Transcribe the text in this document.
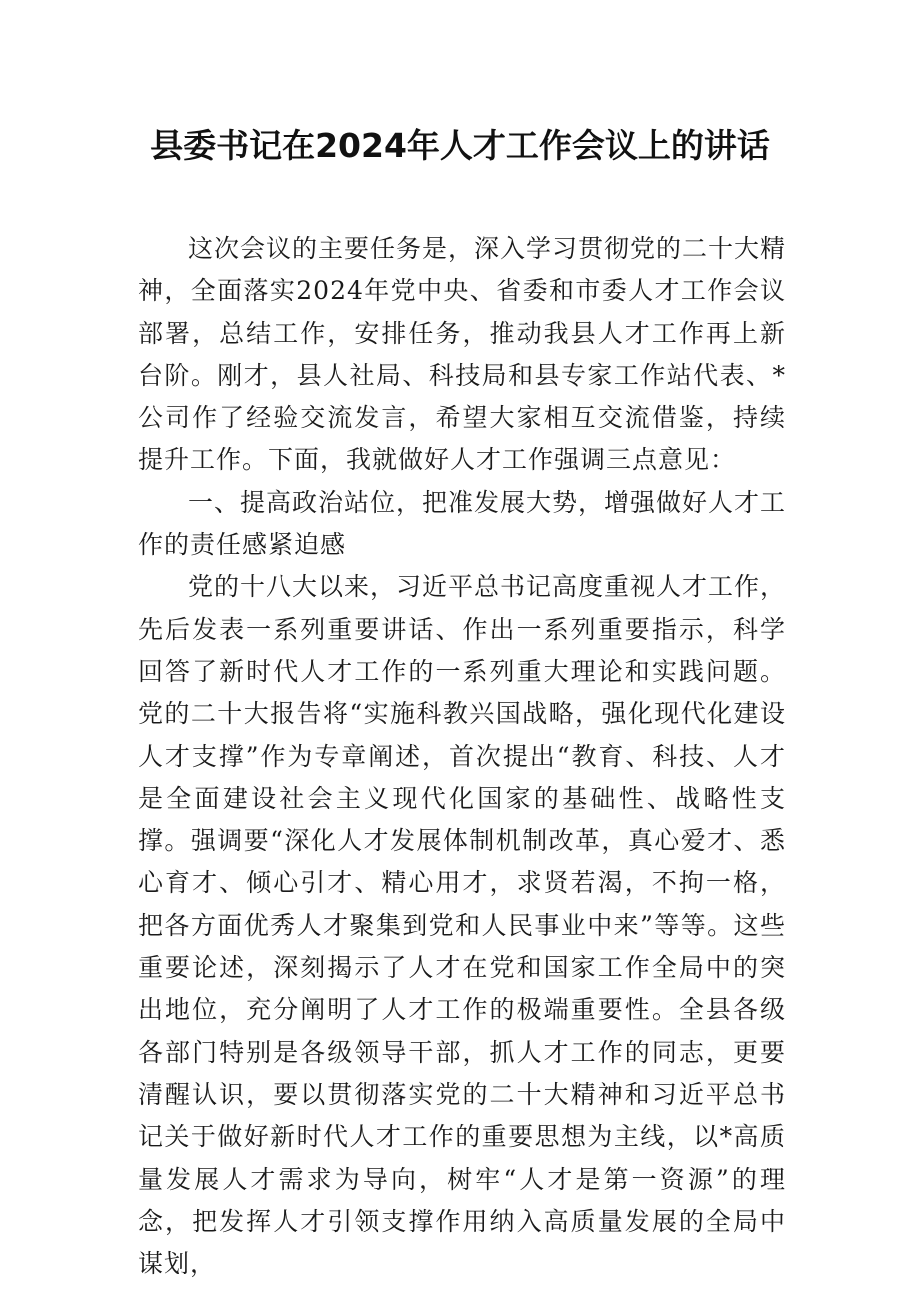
县委书记在2024年人才工作会议上的讲话

这次会议的主要任务是，深入学习贯彻党的二十大精神，全面落实2024年党中央、省委和市委人才工作会议部署，总结工作，安排任务，推动我县人才工作再上新台阶。刚才，县人社局、科技局和县专家工作站代表、*公司作了经验交流发言，希望大家相互交流借鉴，持续提升工作。下面，我就做好人才工作强调三点意见：

一、提高政治站位，把准发展大势，增强做好人才工作的责任感紧迫感

党的十八大以来，习近平总书记高度重视人才工作，先后发表一系列重要讲话、作出一系列重要指示，科学回答了新时代人才工作的一系列重大理论和实践问题。党的二十大报告将“实施科教兴国战略，强化现代化建设人才支撑”作为专章阐述，首次提出“教育、科技、人才是全面建设社会主义现代化国家的基础性、战略性支撑。强调要“深化人才发展体制机制改革，真心爱才、悉心育才、倾心引才、精心用才，求贤若渴，不拘一格，把各方面优秀人才聚集到党和人民事业中来”等等。这些重要论述，深刻揭示了人才在党和国家工作全局中的突出地位，充分阐明了人才工作的极端重要性。全县各级各部门特别是各级领导干部，抓人才工作的同志，更要清醒认识，要以贯彻落实党的二十大精神和习近平总书记关于做好新时代人才工作的重要思想为主线，以*高质量发展人才需求为导向，树牢“人才是第一资源”的理念，把发挥人才引领支撑作用纳入高质量发展的全局中谋划，
